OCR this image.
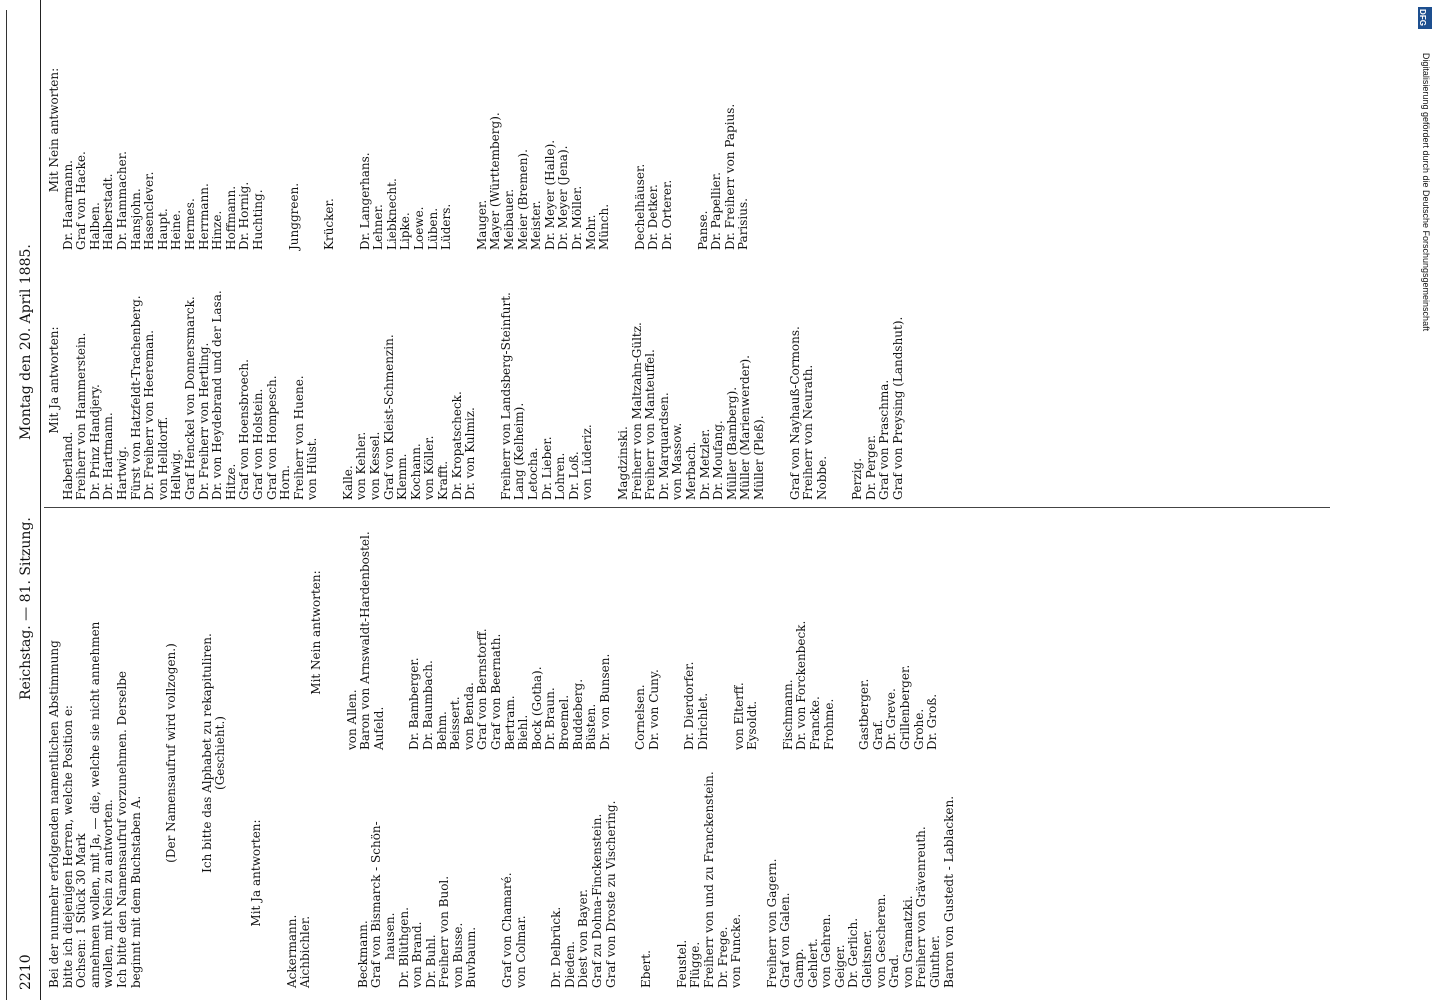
2210
Reichstag. — 81. Sitzung.
Montag den 20. April 1885.
Bei der nunmehr erfolgenden namentlichen Abstimmung bitte ich diejenigen Herren, welche Position e: Ochsen: 1 Stück 30 Mark annehmen wollen, mit Ja, — die, welche sie nicht annehmen wollen, mit Nein zu antworten. Ich bitte den Namensaufruf vorzunehmen. Derselbe beginnt mit dem Buchstaben A.
(Der Namensaufruf wird vollzogen.) Ich bitte das Alphabet zu rekapituliren. (Geschieht.)
Mit Ja antworten:
Ackermann. Aichbichler.	Beckmann. Graf von Bismarck - Schön- hausen. Dr. Blüthgen. von Brand. Dr. Buhl. Freiherr von Buol. von Busse. Buvbaum. Graf von Chamaré. von Colmar. Dr. Delbrück. Dieden. Diest von Bayer. Graf zu Dohna-Finckenstein. Graf von Droste zu Vischering. Ebert. Feustel. Flügge. Freiherr von und zu Franckenstein. Dr. Frege. von Funcke. Freiherr von Gagern. Graf von Galen. Gamp. Gehlert. von Gehren. Geiger. Dr. Gerlich. Gleitsner. von Gescheren. Grad. von Gramatzki. Freiherr von Grävenreuth. Günther. Baron von Gustedt - Lablacken.
Mit Nein antworten:
von Allen. Baron von Arnswaldt-Hardenbostel. Aufeld. Dr. Bamberger. Dr. Baumbach. Behm. Beissert. von Benda. Graf von Bernstorff. Graf von Beernath. Bertram. Biehl. Bock (Gotha). Dr. Braun. Broemel. Buddeberg. Büsten. Dr. von Bunsen. Cornelsen. Dr. von Cuny. Dr. Dierdorfer. Dirichlet. von Elterff. Eysoldt. Fischmann. Dr. von Forckenbeck. Francke. Frohme. Gastberger. Graf. Dr. Greve. Grillenberger. Grohe. Dr. Groß.
Mit Ja antworten:
Haberland. Freiherr von Hammerstein. Dr. Prinz Handjery. Dr. Hartmann. Hartwig. Fürst von Hatzfeldt-Trachenberg. Dr. Freiherr von Heereman. von Helldorff. Hellwig. Graf Henckel von Donnersmarck. Dr. Freiherr von Hertling. Dr. von Heydebrand und der Lasa. Hitze. Graf von Hoensbroech. Graf von Holstein. Graf von Hompesch. Horn. Freiherr von Huene. von Hülst. Kalle. von Kehler. von Kessel. Graf von Kleist-Schmenzin. Klemm. Kochann. von Köller. Krafft. Dr. Kropatscheck. Dr. von Kulmiz. Freiherr von Landsberg-Steinfurt. Lang (Kelheim). Letocha. Dr. Lieber. Lohren. Dr. Loß. von Lüderiz. Magdzinski. Freiherr von Maltzahn-Gültz. Freiherr von Manteuffel. Dr. Marquardsen. von Massow. Merbach. Dr. Metzler. Dr. Moufang. Müller (Bamberg). Müller (Marienwerder). Müller (Pleß). Graf von Nayhauß-Cormons. Freiherr von Neurath. Nobbe. Perzig. Dr. Perger. Graf von Praschma. Graf von Preysing (Landshut).
Mit Nein antworten:
Dr. Haarmann. Graf von Hacke. Halben. Halberstadt. Dr. Hammacher. Hansjohn. Hasenclever. Haupt. Heine. Hermes. Herrmann. Hinze. Hoffmann. Dr. Hornig. Huchting. Junggreen. Krücker. Dr. Langerhans. Lehner. Liebknecht. Lipke. Loewe. Lüben. Lüders. Mauger. Mayer (Württemberg). Meibauer. Meier (Bremen). Meister. Dr. Meyer (Halle). Dr. Meyer (Jena). Dr. Möller. Mohr. Münch. Dechelhäuser. Dr. Detker. Dr. Orterer. Panse. Dr. Papellier. Dr. Freiherr von Papius. Parisius.	Digitalisierung gefördert durch die Deutsche Forschungsgemeinschaft
DFG
